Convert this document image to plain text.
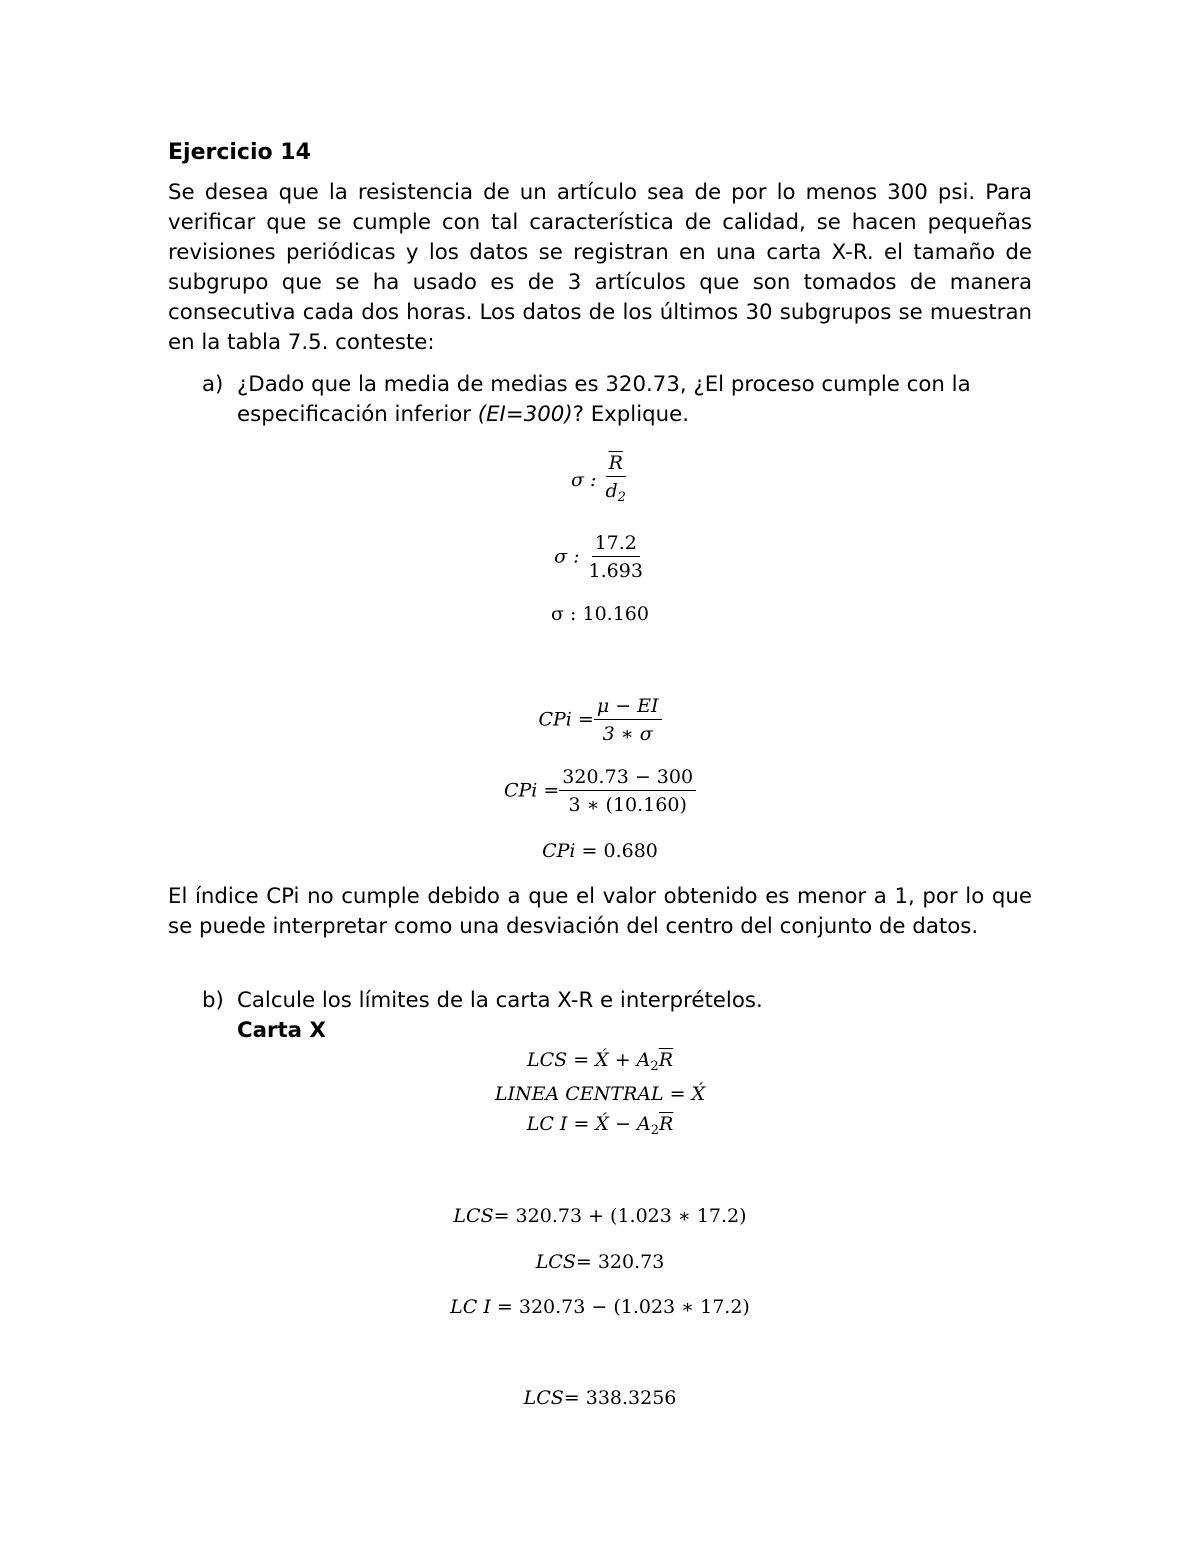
Ejercicio 14

Se desea que la resistencia de un artículo sea de por lo menos 300 psi. Para verificar que se cumple con tal característica de calidad, se hacen pequeñas revisiones periódicas y los datos se registran en una carta X-R. el tamaño de subgrupo que se ha usado es de 3 artículos que son tomados de manera consecutiva cada dos horas. Los datos de los últimos 30 subgrupos se muestran en la tabla 7.5. conteste:

a) ¿Dado que la media de medias es 320.73, ¿El proceso cumple con la especificación inferior (EI=300)? Explique.
σ : $\frac{\overline{R}}{d_2}$
σ : $\frac{17.2}{1.693}$
σ : 10.160
CPi = $\frac{\mu - EI}{3 ∗ \sigma}$
CPi = $\frac{320.73 - 300}{3 ∗ (10.160)}$
CPi = 0.680

El índice CPi no cumple debido a que el valor obtenido es menor a 1, por lo que se puede interpretar como una desviación del centro del conjunto de datos.

b) Calcule los límites de la carta X-R e interprételos.
Carta X
LCS = X́ + $A_2\overline{R}$
LINEA CENTRAL = X́
LC I = X́ − $A_2\overline{R}$
LCS= 320.73 + (1.023 ∗ 17.2)
LCS= 320.73
LC I = 320.73 − (1.023 ∗ 17.2)
LCS= 338.3256
